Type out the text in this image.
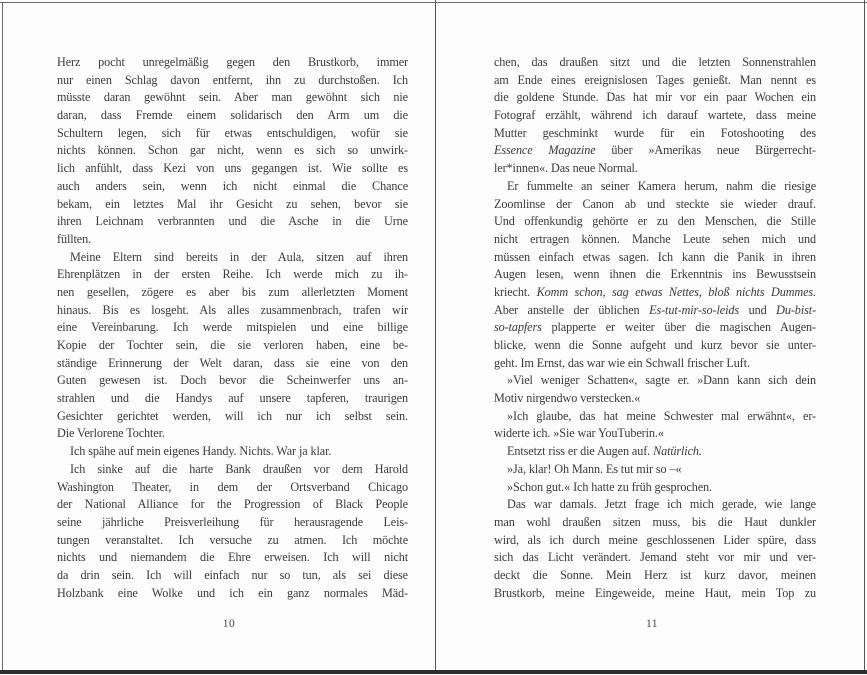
Herz pocht unregelmäßig gegen den Brustkorb, immer
nur einen Schlag davon entfernt, ihn zu durchstoßen. Ich
müsste daran gewöhnt sein. Aber man gewöhnt sich nie
daran, dass Fremde einem solidarisch den Arm um die
Schultern legen, sich für etwas entschuldigen, wofür sie
nichts können. Schon gar nicht, wenn es sich so unwirk-
lich anfühlt, dass Kezi von uns gegangen ist. Wie sollte es
auch anders sein, wenn ich nicht einmal die Chance
bekam, ein letztes Mal ihr Gesicht zu sehen, bevor sie
ihren Leichnam verbrannten und die Asche in die Urne
füllten.
Meine Eltern sind bereits in der Aula, sitzen auf ihren
Ehrenplätzen in der ersten Reihe. Ich werde mich zu ih-
nen gesellen, zögere es aber bis zum allerletzten Moment
hinaus. Bis es losgeht. Als alles zusammenbrach, trafen wir
eine Vereinbarung. Ich werde mitspielen und eine billige
Kopie der Tochter sein, die sie verloren haben, eine be-
ständige Erinnerung der Welt daran, dass sie eine von den
Guten gewesen ist. Doch bevor die Scheinwerfer uns an-
strahlen und die Handys auf unsere tapferen, traurigen
Gesichter gerichtet werden, will ich nur ich selbst sein.
Die Verlorene Tochter.
Ich spähe auf mein eigenes Handy. Nichts. War ja klar.
Ich sinke auf die harte Bank draußen vor dem Harold
Washington Theater, in dem der Ortsverband Chicago
der National Alliance for the Progression of Black People
seine jährliche Preisverleihung für herausragende Leis-
tungen veranstaltet. Ich versuche zu atmen. Ich möchte
nichts und niemandem die Ehre erweisen. Ich will nicht
da drin sein. Ich will einfach nur so tun, als sei diese
Holzbank eine Wolke und ich ein ganz normales Mäd-
chen, das draußen sitzt und die letzten Sonnenstrahlen
am Ende eines ereignislosen Tages genießt. Man nennt es
die goldene Stunde. Das hat mir vor ein paar Wochen ein
Fotograf erzählt, während ich darauf wartete, dass meine
Mutter geschminkt wurde für ein Fotoshooting des
Essence Magazine über »Amerikas neue Bürgerrecht-
ler*innen«. Das neue Normal.
Er fummelte an seiner Kamera herum, nahm die riesige
Zoomlinse der Canon ab und steckte sie wieder drauf.
Und offenkundig gehörte er zu den Menschen, die Stille
nicht ertragen können. Manche Leute sehen mich und
müssen einfach etwas sagen. Ich kann die Panik in ihren
Augen lesen, wenn ihnen die Erkenntnis ins Bewusstsein
kriecht. Komm schon, sag etwas Nettes, bloß nichts Dummes.
Aber anstelle der üblichen Es-tut-mir-so-leids und Du-bist-
so-tapfers plapperte er weiter über die magischen Augen-
blicke, wenn die Sonne aufgeht und kurz bevor sie unter-
geht. Im Ernst, das war wie ein Schwall frischer Luft.
»Viel weniger Schatten«, sagte er. »Dann kann sich dein
Motiv nirgendwo verstecken.«
»Ich glaube, das hat meine Schwester mal erwähnt«, er-
widerte ich. »Sie war YouTuberin.«
Entsetzt riss er die Augen auf. Natürlich.
»Ja, klar! Oh Mann. Es tut mir so –«
»Schon gut.« Ich hatte zu früh gesprochen.
Das war damals. Jetzt frage ich mich gerade, wie lange
man wohl draußen sitzen muss, bis die Haut dunkler
wird, als ich durch meine geschlossenen Lider spüre, dass
sich das Licht verändert. Jemand steht vor mir und ver-
deckt die Sonne. Mein Herz ist kurz davor, meinen
Brustkorb, meine Eingeweide, meine Haut, mein Top zu
10	11
